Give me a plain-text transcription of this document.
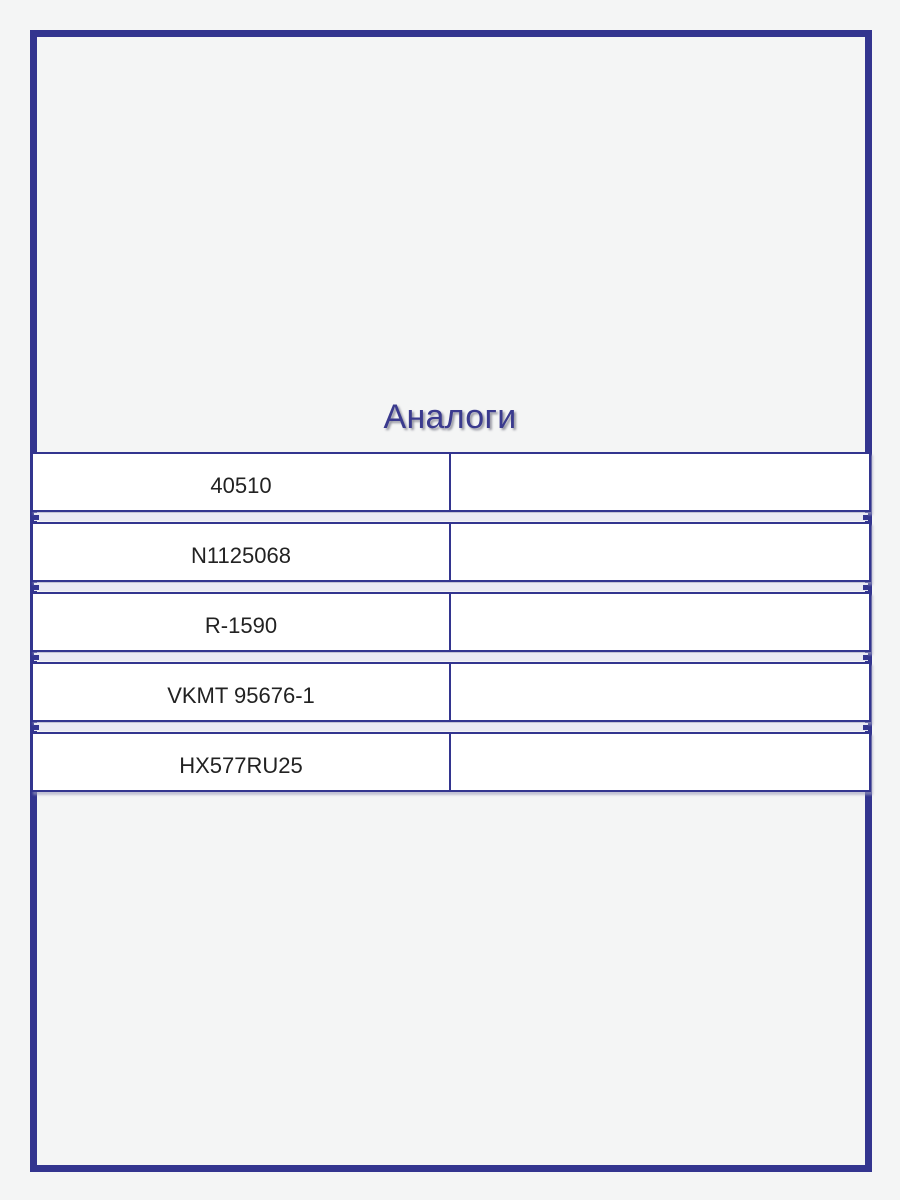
Аналоги
40510
N1125068
R-1590
VKMT 95676-1
HX577RU25
